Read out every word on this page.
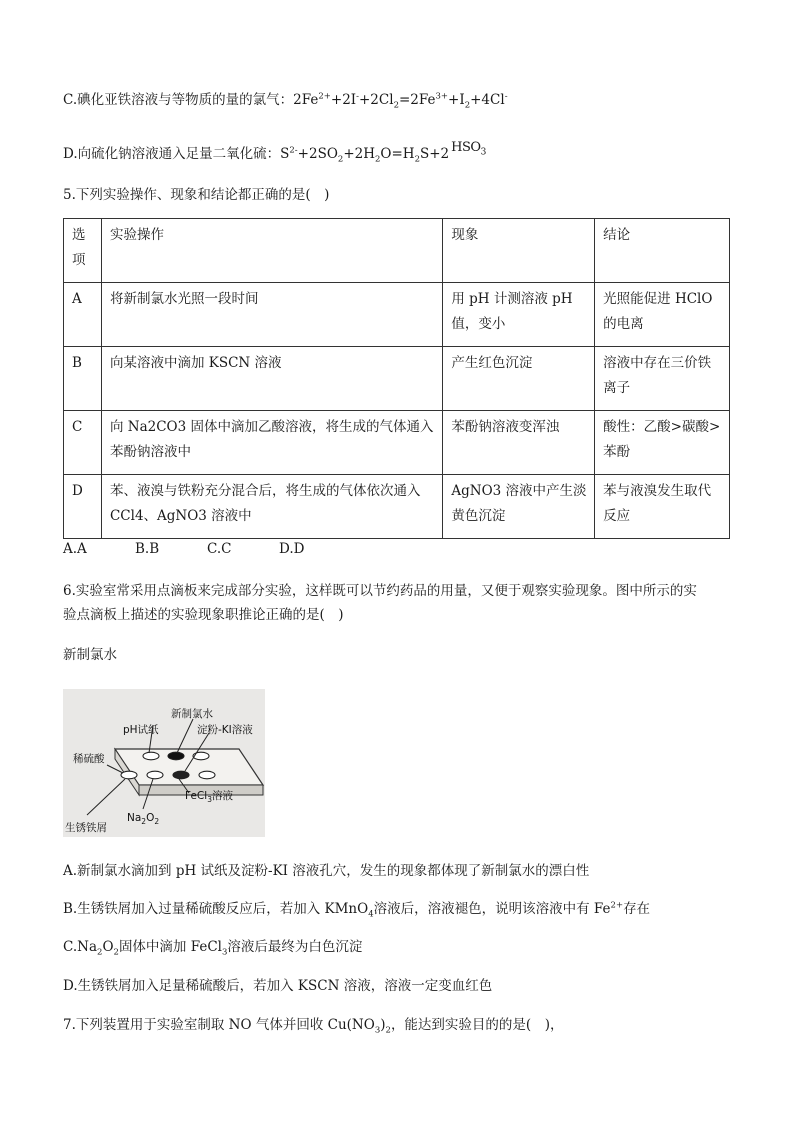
C.碘化亚铁溶液与等物质的量的氯气：$2Fe^{2+}+2I^-+2Cl_2=2Fe^{3+}+I_2+4Cl^-$
D.向硫化钠溶液通入足量二氧化硫：$S^{2-}+2SO_2+2H_2O=H_2S+2$ $HSO_3$
5.下列实验操作、现象和结论都正确的是(　)
选项	实验操作	现象	结论
A	将新制氯水光照一段时间	用 pH 计测溶液 pH 值，变小	光照能促进 HClO 的电离
B	向某溶液中滴加 KSCN 溶液	产生红色沉淀	溶液中存在三价铁离子
C	向 Na2CO3 固体中滴加乙酸溶液，将生成的气体通入苯酚钠溶液中	苯酚钠溶液变浑浊	酸性：乙酸>碳酸>苯酚
D	苯、液溴与铁粉充分混合后，将生成的气体依次通入 CCl4、AgNO3 溶液中	AgNO3 溶液中产生淡黄色沉淀	苯与液溴发生取代反应
A.A	B.B	C.C	D.D
6.实验室常采用点滴板来完成部分实验，这样既可以节约药品的用量，又便于观察实验现象。图中所示的实
验点滴板上描述的实验现象职推论正确的是(　)
新制氯水
新制氯水
pH试纸	淀粉-KI溶液
稀硫酸
FeCl$_3$溶液
$Na_2O_2$
生锈铁屑
A.新制氯水滴加到 pH 试纸及淀粉-KI 溶液孔穴，发生的现象都体现了新制氯水的漂白性
B.生锈铁屑加入过量稀硫酸反应后，若加入 KMnO$_4$溶液后，溶液褪色，说明该溶液中有 $Fe^{2+}$存在
$C.Na_2O_2$固体中滴加 FeCl$_3$溶液后最终为白色沉淀
D.生锈铁屑加入足量稀硫酸后，若加入 KSCN 溶液，溶液一定变血红色
7.下列装置用于实验室制取 NO 气体并回收 $Cu(NO_3)_2$，能达到实验目的的是(　)，
